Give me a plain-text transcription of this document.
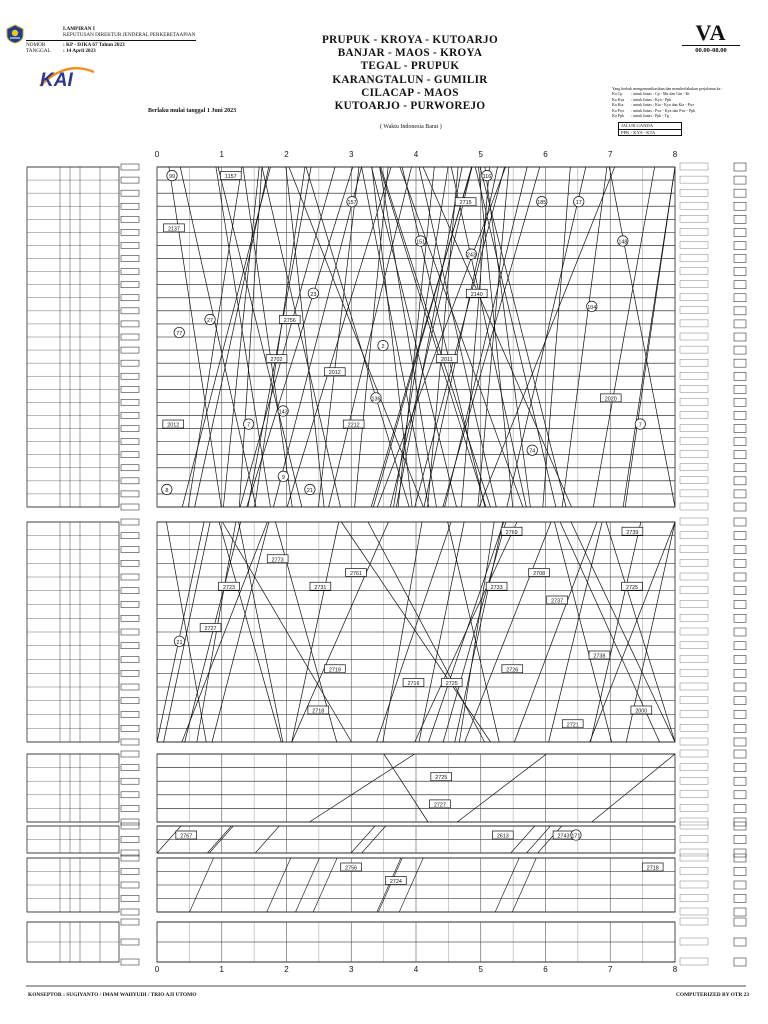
LAMPIRAN I
KEPUTUSAN DIREKTUR JENDERAL PERKERETAAPIAN
NOMOR	: KP - DJKA 67 Tahun 2023
TANGGAL	: 14 April 2023
KAI
PRUPUK - KROYA - KUTOARJO
BANJAR - MAOS - KROYA
TEGAL - PRUPUK
KARANGTALUN - GUMILIR
CILACAP - MAOS
KUTOARJO - PURWOREJO
Berlaku mulai tanggal 1 Juni 2023
( Waktu Indonesia Barat )
VA
00.00-08.00
Yang berhak mengomunikasikan dan memberlakukan perjalanan ka :
Ka Cp	: untuk lintas : Cp - Ma dan Gm - Kt
Ka Kya	: untuk lintas : Kya - Ppk
Ka Kta	: untuk lintas : Kta - Kya dan Kta - Pwr
Ka Pwr	: untuk lintas : Pwr - Kya dan Pwr - Ppk
Ka Ppk	: untuk lintas : Ppk - Tg
JALUR GANDA
PPK - KYA - KTA
0
0
1
1
2
2
3
3
4
4
5
5
6
6
7
7
8
8
77
2
2012
136
185
7
148
23
2020
104
2212
7
2011
2012
27
157
151
8
243
9
143
2140
17
1157
74
116
2137
21
99
2702
2715
2756
2727
21
2726
2725
2738
2769
2723
2716	2725
2000
2773
2733
2737
2761
2718
2739
2731
2721
2708
2719
2727
2725
2743 171
2613
2767
2718
2724
2756
KONSEPTOR : SUGIYANTO / IMAM WAHYUDI / TRIO AJI UTOMO	COMPUTERIZED BY OTR 23
